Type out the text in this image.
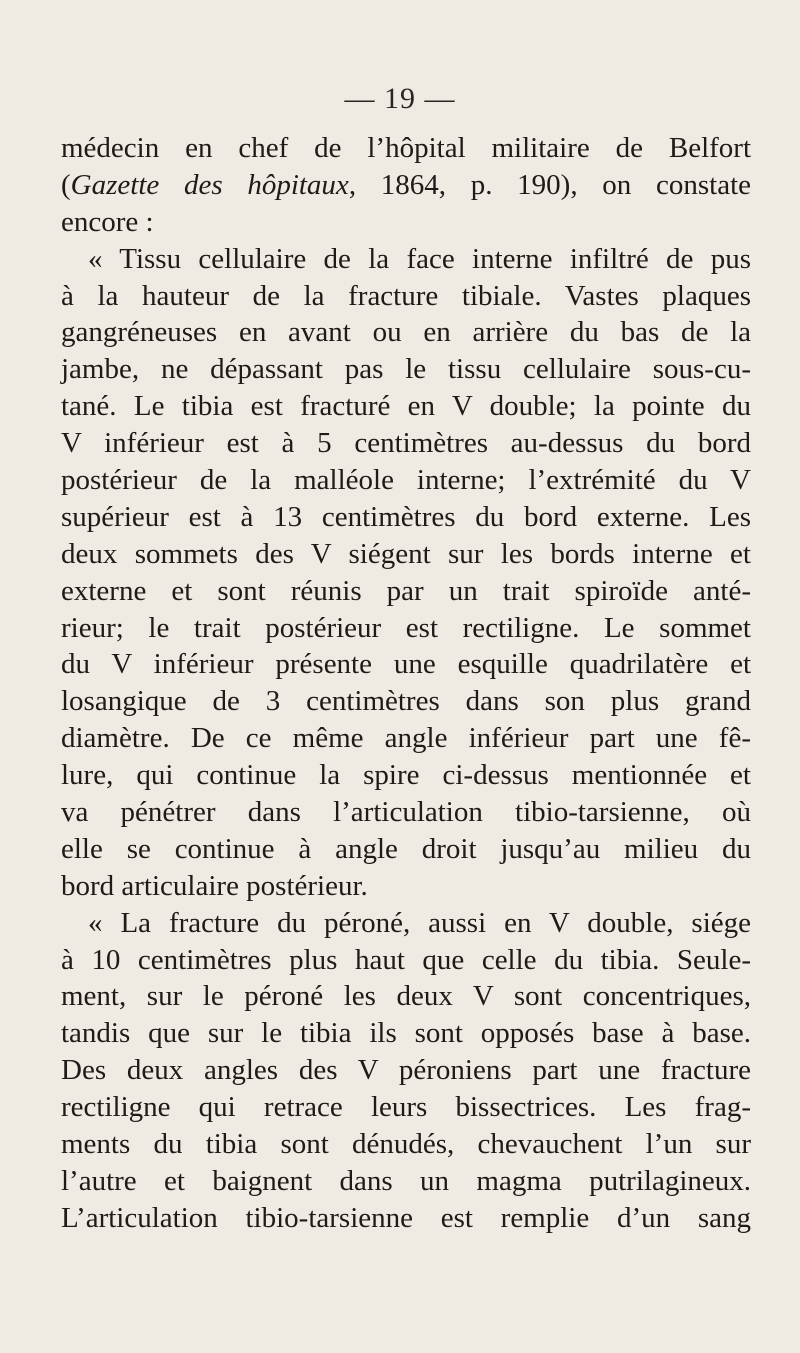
— 19 —
médecin en chef de l’hôpital militaire de Belfort
(Gazette des hôpitaux, 1864, p. 190), on constate
encore :
« Tissu cellulaire de la face interne infiltré de pus
à la hauteur de la fracture tibiale. Vastes plaques
gangréneuses en avant ou en arrière du bas de la
jambe, ne dépassant pas le tissu cellulaire sous-cu-
tané. Le tibia est fracturé en V double; la pointe du
V inférieur est à 5 centimètres au-dessus du bord
postérieur de la malléole interne; l’extrémité du V
supérieur est à 13 centimètres du bord externe. Les
deux sommets des V siégent sur les bords interne et
externe et sont réunis par un trait spiroïde anté-
rieur; le trait postérieur est rectiligne. Le sommet
du V inférieur présente une esquille quadrilatère et
losangique de 3 centimètres dans son plus grand
diamètre. De ce même angle inférieur part une fê-
lure, qui continue la spire ci-dessus mentionnée et
va pénétrer dans l’articulation tibio-tarsienne, où
elle se continue à angle droit jusqu’au milieu du
bord articulaire postérieur.
« La fracture du péroné, aussi en V double, siége
à 10 centimètres plus haut que celle du tibia. Seule-
ment, sur le péroné les deux V sont concentriques,
tandis que sur le tibia ils sont opposés base à base.
Des deux angles des V péroniens part une fracture
rectiligne qui retrace leurs bissectrices. Les frag-
ments du tibia sont dénudés, chevauchent l’un sur
l’autre et baignent dans un magma putrilagineux.
L’articulation tibio-tarsienne est remplie d’un sang
